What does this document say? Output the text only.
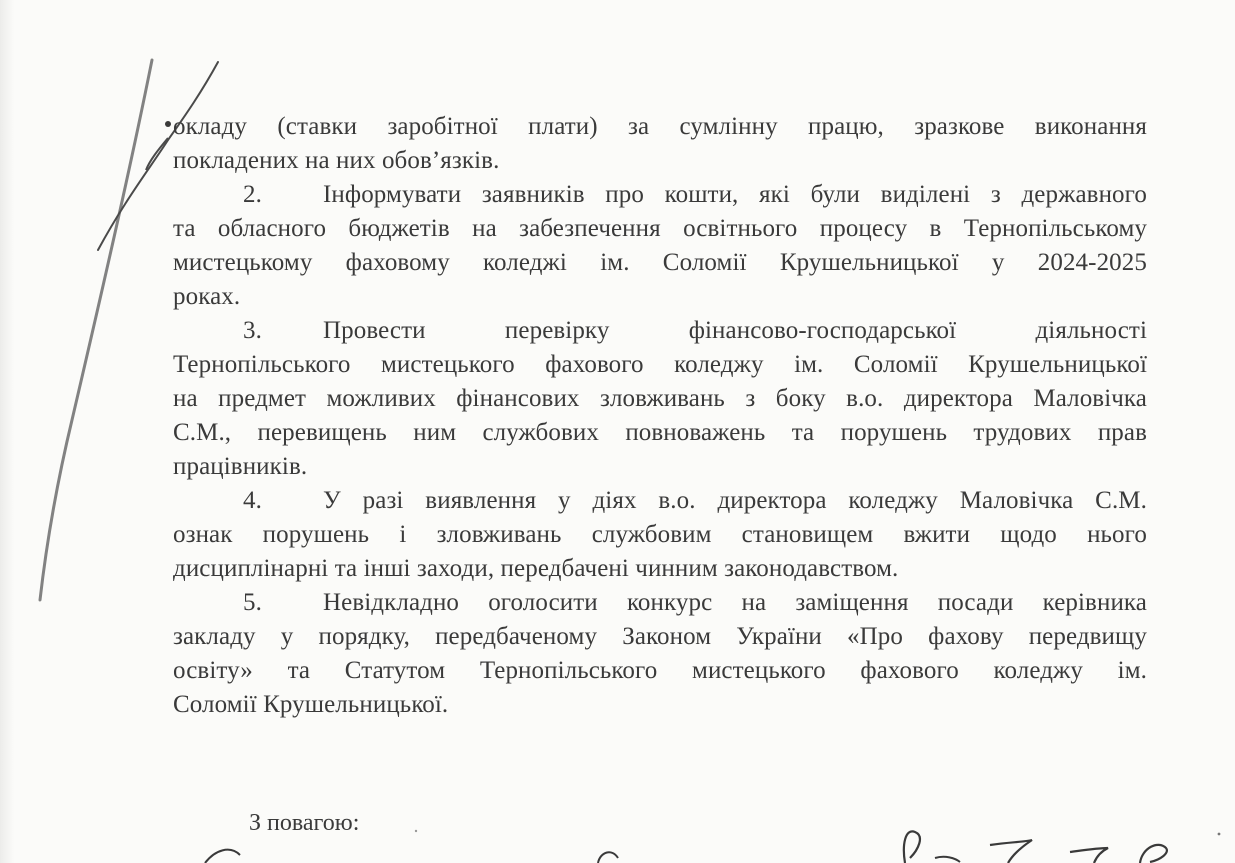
окладу (ставки заробітної плати) за сумлінну працю, зразкове виконання
покладених на них обов’язків.
2. Інформувати заявників про кошти, які були виділені з державного
та обласного бюджетів на забезпечення освітнього процесу в Тернопільському
мистецькому фаховому коледжі ім. Соломії Крушельницької у 2024-2025
роках.
3. Провести перевірку фінансово-господарської діяльності
Тернопільського мистецького фахового коледжу ім. Соломії Крушельницької
на предмет можливих фінансових зловживань з боку в.о. директора Маловічка
С.М., перевищень ним службових повноважень та порушень трудових прав
працівників.
4. У разі виявлення у діях в.о. директора коледжу Маловічка С.М.
ознак порушень і зловживань службовим становищем вжити щодо нього
дисциплінарні та інші заходи, передбачені чинним законодавством.
5. Невідкладно оголосити конкурс на заміщення посади керівника
закладу у порядку, передбаченому Законом України «Про фахову передвищу
освіту» та Статутом Тернопільського мистецького фахового коледжу ім.
Соломії Крушельницької.
З повагою:
